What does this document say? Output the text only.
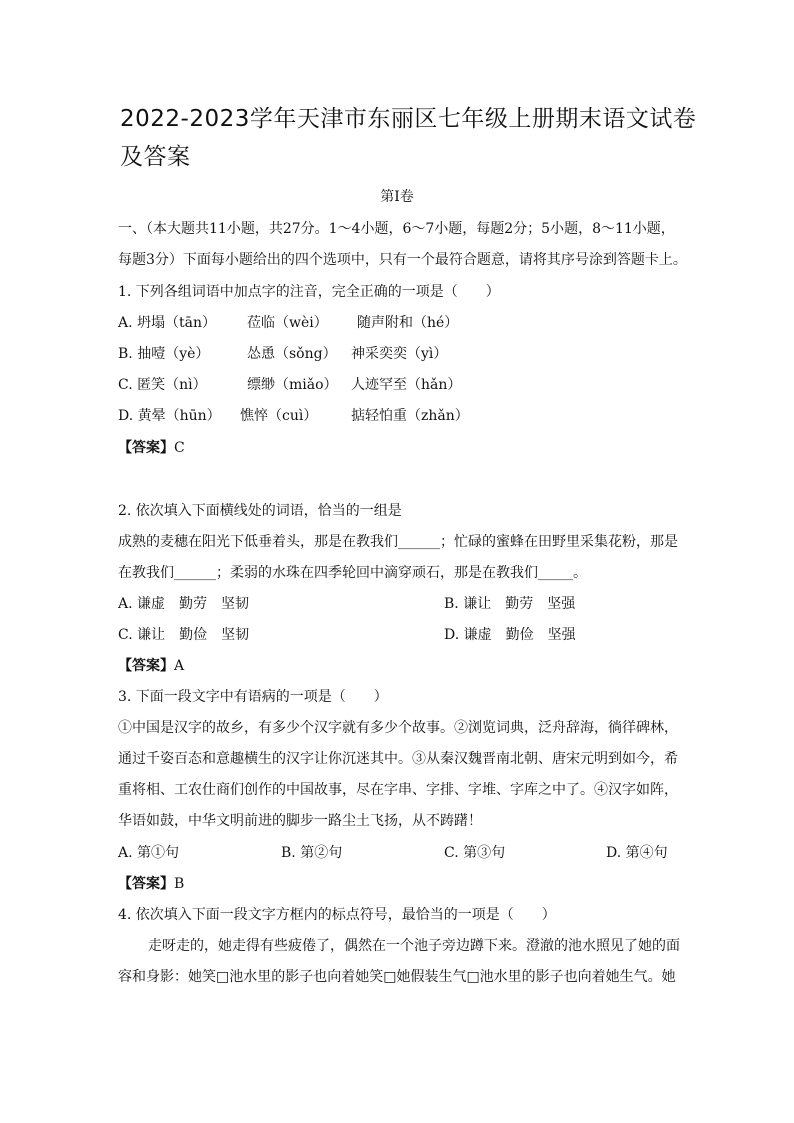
2022-2023学年天津市东丽区七年级上册期末语文试卷及答案
第Ⅰ卷
一、（本大题共11小题，共27分。1～4小题，6～7小题，每题2分；5小题，8～11小题，
每题3分）下面每小题给出的四个选项中，只有一个最符合题意，请将其序号涂到答题卡上。
1. 下列各组词语中加点字的注音，完全正确的一项是（　　）
A. 坍塌（tān） 莅临（wèi） 随声附和（hé）
B. 抽噎（yè）	怂恿（sǒng） 神采奕奕（yì）
C. 匿笑（nì）	缥缈（miǎo） 人迹罕至（hǎn）
D. 黄晕（hūn） 憔悴（cuì） 掂轻怕重（zhǎn）
【答案】C
2. 依次填入下面横线处的词语，恰当的一组是
成熟的麦穗在阳光下低垂着头，那是在教我们______；忙碌的蜜蜂在田野里采集花粉，那是
在教我们______；柔弱的水珠在四季轮回中滴穿顽石，那是在教我们_____。
A. 谦虚　勤劳　坚韧	B. 谦让　勤劳　坚强
C. 谦让　勤俭　坚韧	D. 谦虚　勤俭　坚强
【答案】A
3. 下面一段文字中有语病的一项是（　　）
①中国是汉字的故乡，有多少个汉字就有多少个故事。②浏览词典，泛舟辞海，徜徉碑林，
通过千姿百态和意趣横生的汉字让你沉迷其中。③从秦汉魏晋南北朝、唐宋元明到如今，希
重将相、工农仕商们创作的中国故事，尽在字串、字排、字堆、字库之中了。④汉字如阵，
华语如鼓，中华文明前进的脚步一路尘土飞扬，从不踌躇！
A. 第①句	B. 第②句	C. 第③句	D. 第④句
【答案】B
4. 依次填入下面一段文字方框内的标点符号，最恰当的一项是（　　）
走呀走的，她走得有些疲倦了，偶然在一个池子旁边蹲下来。澄澈的池水照见了她的面
容和身影：她笑□池水里的影子也向着她笑□她假装生气□池水里的影子也向着她生气。她
